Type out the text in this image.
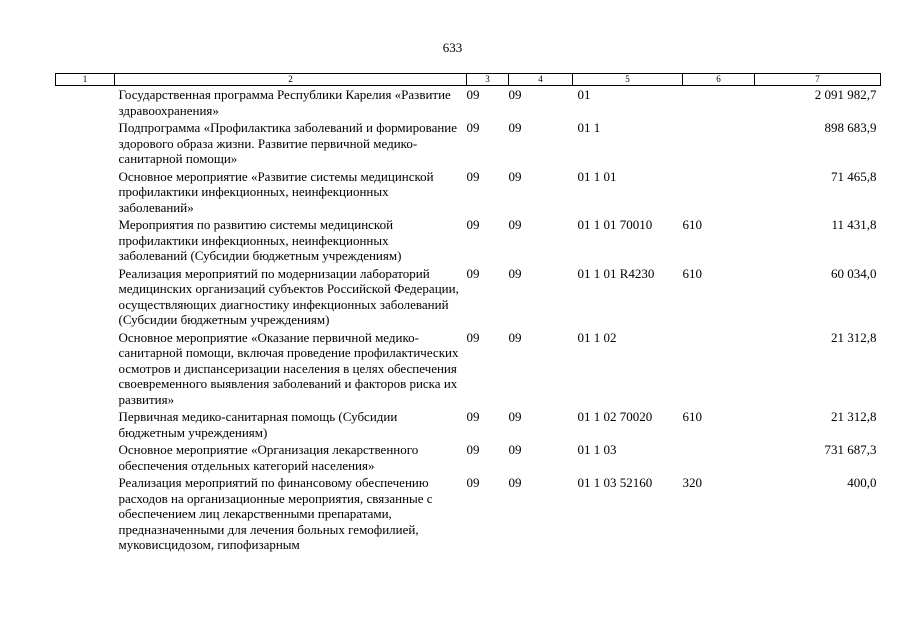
633
1	2	3	4	5	6	7
	Государственная программа Республики Карелия «Развитие здравоохранения»	09	09	01		2 091 982,7
	Подпрограмма «Профилактика заболеваний и формирование здорового образа жизни. Развитие первичной медико-санитарной помощи»	09	09	01 1		898 683,9
	Основное мероприятие «Развитие системы медицинской профилактики инфекционных, неинфекционных заболеваний»	09	09	01 1 01		71 465,8
	Мероприятия по развитию системы медицинской профилактики инфекционных, неинфекционных заболеваний (Субсидии бюджетным учреждениям)	09	09	01 1 01 70010	610	11 431,8
	Реализация мероприятий по модернизации лабораторий медицинских организаций субъектов Российской Федерации, осуществляющих диагностику инфекционных заболеваний (Субсидии бюджетным учреждениям)	09	09	01 1 01 R4230	610	60 034,0
	Основное мероприятие «Оказание первичной медико-санитарной помощи, включая проведение профилактических осмотров и диспансеризации населения в целях обеспечения своевременного выявления заболеваний и факторов риска их развития»	09	09	01 1 02		21 312,8
	Первичная медико-санитарная помощь (Субсидии бюджетным учреждениям)	09	09	01 1 02 70020	610	21 312,8
	Основное мероприятие «Организация лекарственного обеспечения отдельных категорий населения»	09	09	01 1 03		731 687,3
	Реализация мероприятий по финансовому обеспечению расходов на организационные мероприятия, связанные с обеспечением лиц лекарственными препаратами, предназначенными для лечения больных гемофилией, муковисцидозом, гипофизарным	09	09	01 1 03 52160	320	400,0
